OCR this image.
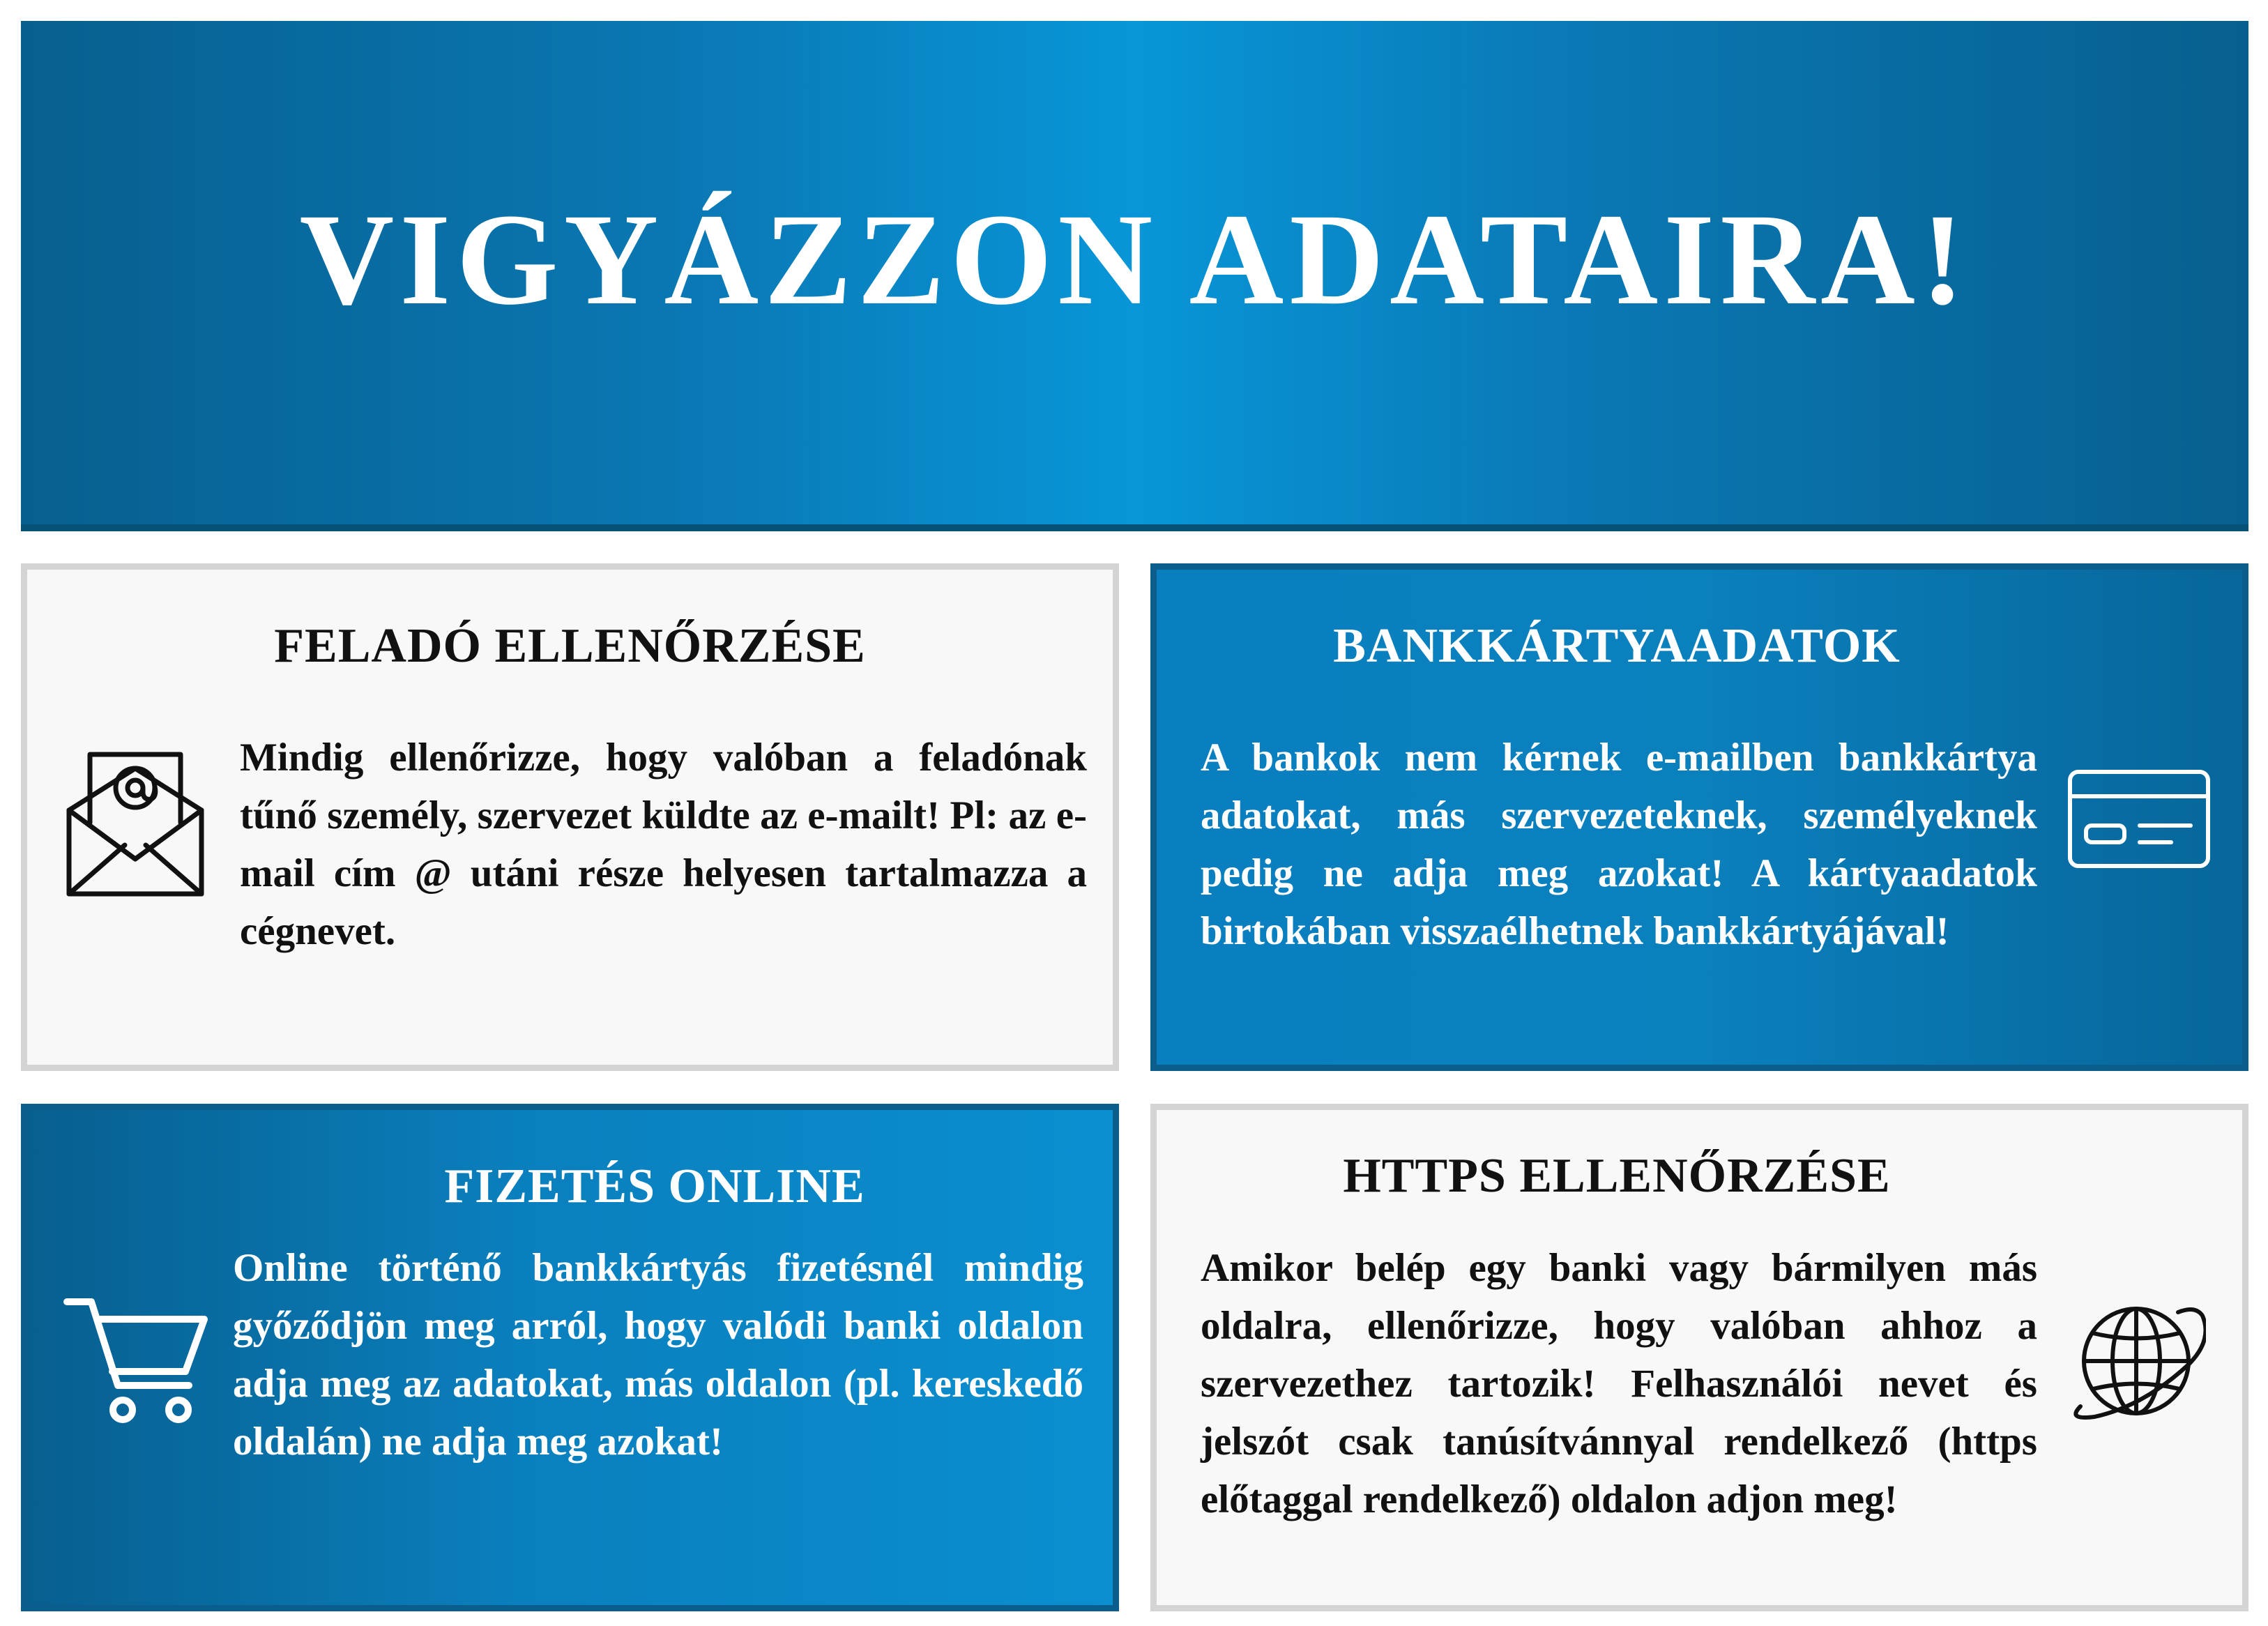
VIGYÁZZON ADATAIRA!
FELADÓ ELLENŐRZÉSE
Mindig ellenőrizze, hogy valóban a feladónak tűnő személy, szervezet küldte az e-mailt! Pl: az e-mail cím @ utáni része helyesen tartalmazza a cégnevet.
BANKKÁRTYAADATOK
A bankok nem kérnek e-mailben bankkártya adatokat, más szervezeteknek, személyeknek pedig ne adja meg azokat! A kártyaadatok birtokában visszaélhetnek bankkártyájával!
FIZETÉS ONLINE
Online történő bankkártyás fizetésnél mindig győződjön meg arról, hogy valódi banki oldalon adja meg az adatokat, más oldalon (pl. kereskedő oldalán) ne adja meg azokat!
HTTPS ELLENŐRZÉSE
Amikor belép egy banki vagy bármilyen más oldalra, ellenőrizze, hogy valóban ahhoz a szervezethez tartozik! Felhasználói nevet és jelszót csak tanúsítvánnyal rendelkező (https előtaggal rendelkező) oldalon adjon meg!
